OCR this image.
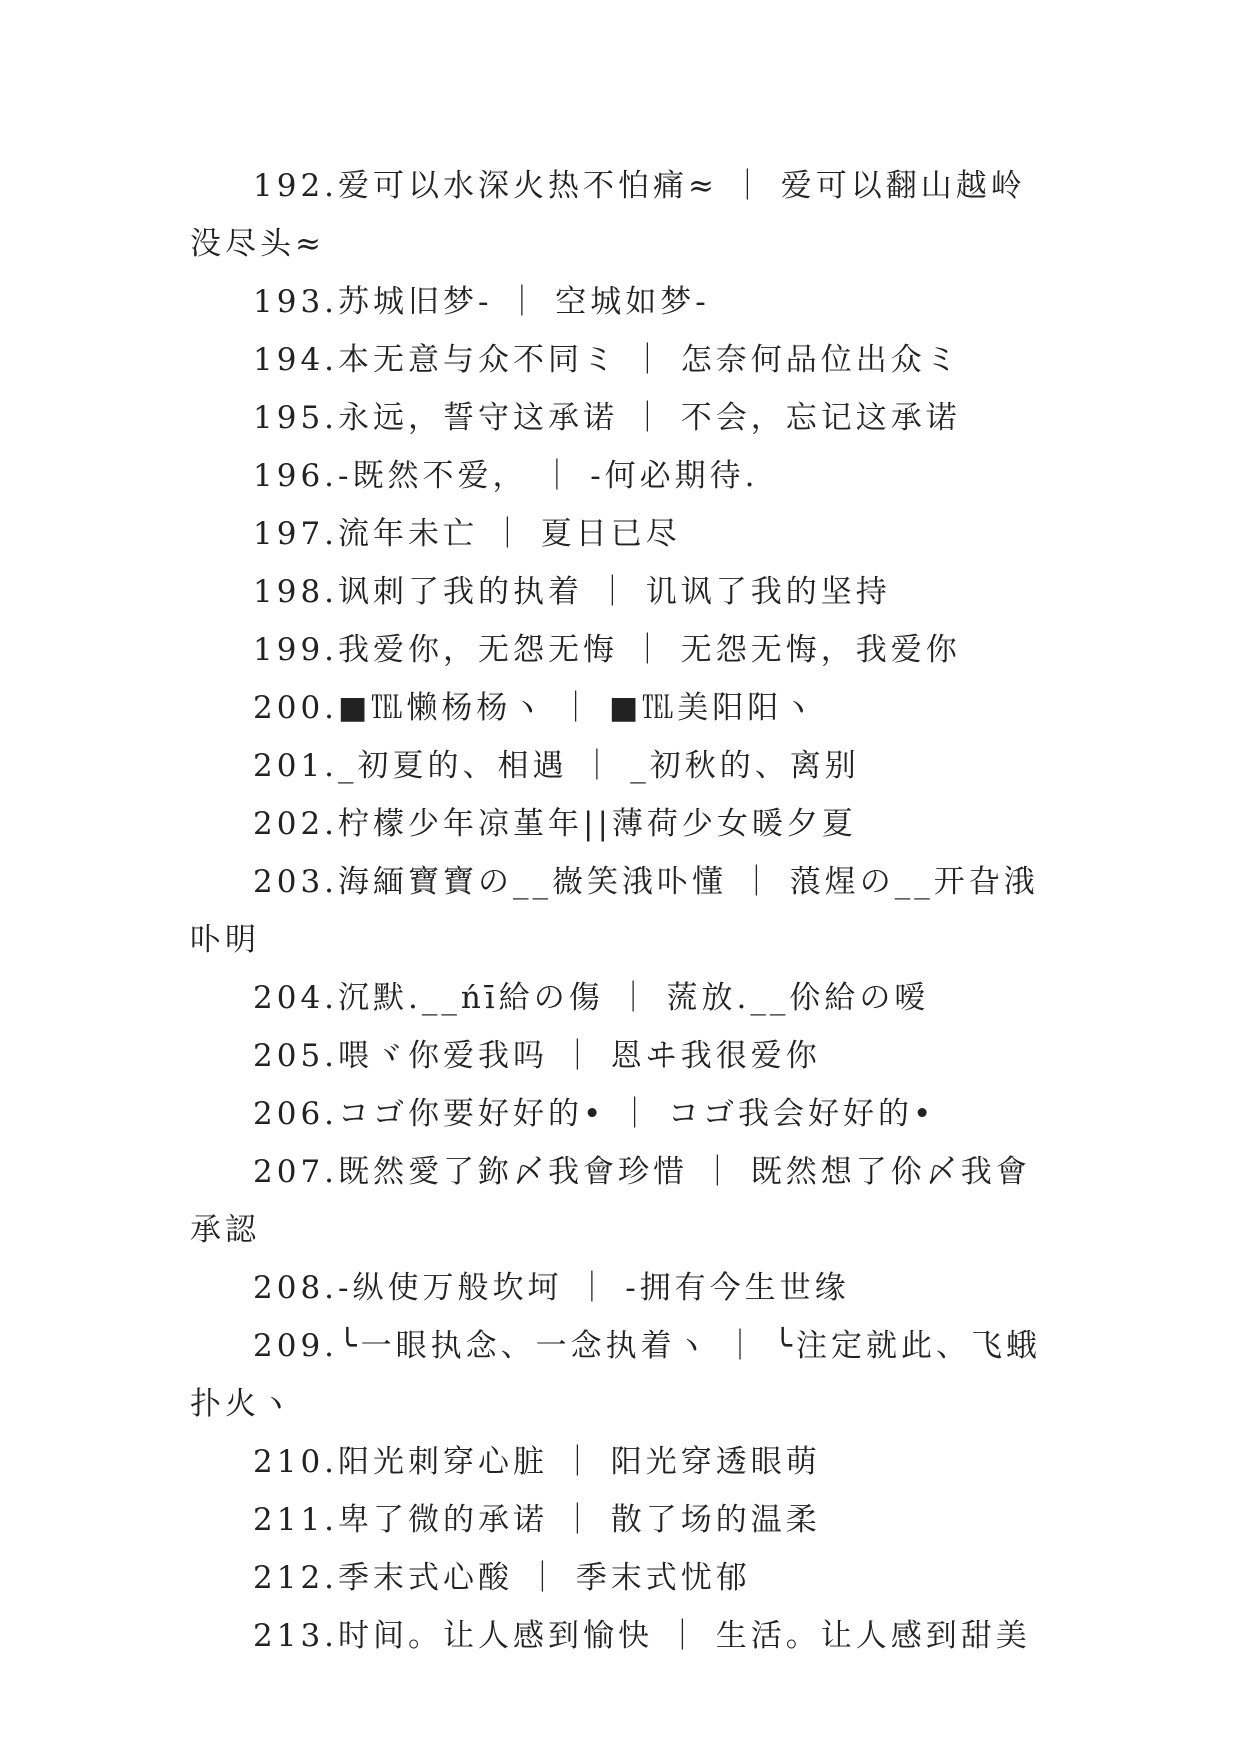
192.爱可以水深火热不怕痛≈ ｜ 爱可以翻山越岭没尽头≈

193.苏城旧梦- ｜ 空城如梦-

194.本无意与众不同ミ ｜ 怎奈何品位出众ミ

195.永远，誓守这承诺 ｜ 不会，忘记这承诺

196.-既然不爱， ｜ -何必期待.

197.流年未亡 ｜ 夏日已尽

198.讽刺了我的执着 ｜ 讥讽了我的坚持

199.我爱你，无怨无悔 ｜ 无怨无悔，我爱你

200.■℡懒杨杨ヽ ｜ ■℡美阳阳ヽ

201._初夏的、相遇 ｜ _初秋的、离别

202.柠檬少年凉堇年||薄荷少女暖夕夏

203.海緬寶寶の__嶶笑涐卟懂 ｜ 蒗煋の__开旮涐卟明

204.沉默.__ńī給の傷 ｜ 蓅放.__伱給の嗳

205.喂ヾ你爱我吗 ｜ 恩ヰ我很爱你

206.コゴ你要好好的• ｜ コゴ我会好好的•

207.既然愛了鉨〆我會珍惜 ｜ 既然想了伱〆我會承認

208.-纵使万般坎坷 ｜ -拥有今生世缘

209.╰一眼执念、一念执着ヽ ｜ ╰注定就此、飞蛾扑火ヽ

210.阳光刺穿心脏 ｜ 阳光穿透眼萌

211.卑了微的承诺 ｜ 散了场的温柔

212.季末式心酸 ｜ 季末式忧郁

213.时间。让人感到愉快 ｜ 生活。让人感到甜美
